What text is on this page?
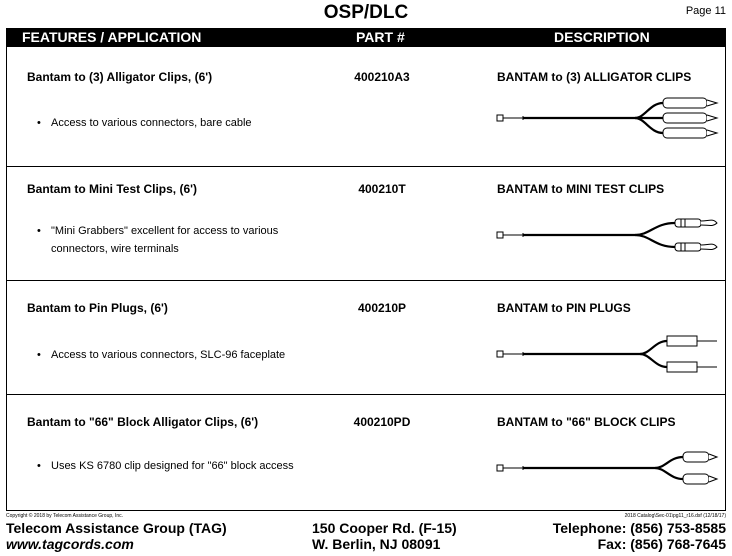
OSP/DLC	Page 11
FEATURES / APPLICATION	PART #	DESCRIPTION
Bantam to (3) Alligator Clips, (6')	400210A3	BANTAM to (3) ALLIGATOR CLIPS
• Access to various connectors, bare cable
Bantam to Mini Test Clips, (6')	400210T	BANTAM to MINI TEST CLIPS
• "Mini Grabbers" excellent for access to various
connectors, wire terminals
Bantam to Pin Plugs, (6')	400210P	BANTAM to PIN PLUGS
• Access to various connectors, SLC-96 faceplate
Bantam to "66" Block Alligator Clips, (6')	400210PD	BANTAM to "66" BLOCK CLIPS
• Uses KS 6780 clip designed for "66" block access
Copyright © 2018 by Telecom Assistance Group, Inc.	2018 Catalog\Sec-01\pg11_r16.dsf (12/18/17)
Telecom Assistance Group (TAG)
www.tagcords.com
150 Cooper Rd. (F-15)
W. Berlin, NJ 08091
Telephone: (856) 753-8585
Fax: (856) 768-7645
